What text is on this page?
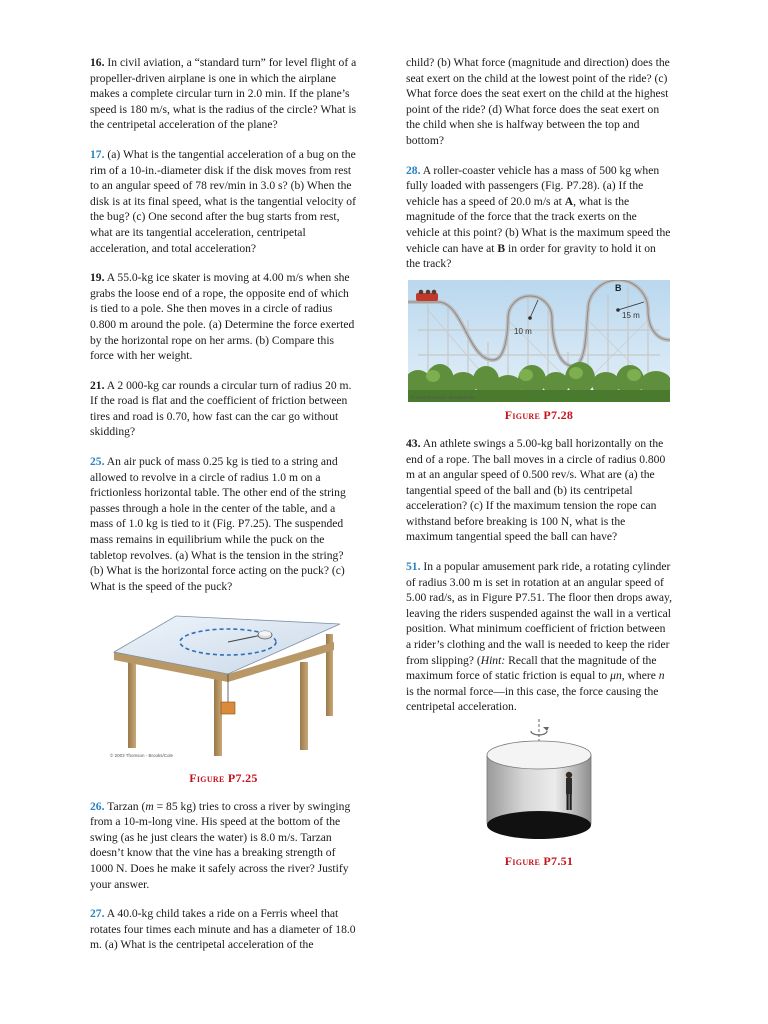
16. In civil aviation, a “standard turn” for level flight of a propeller-driven airplane is one in which the airplane makes a complete circular turn in 2.0 min. If the plane’s speed is 180 m/s, what is the radius of the circle? What is the centripetal acceleration of the plane?

17. (a) What is the tangential acceleration of a bug on the rim of a 10-in.-diameter disk if the disk moves from rest to an angular speed of 78 rev/min in 3.0 s? (b) When the disk is at its final speed, what is the tangential velocity of the bug? (c) One second after the bug starts from rest, what are its tangential acceleration, centripetal acceleration, and total acceleration?

19. A 55.0-kg ice skater is moving at 4.00 m/s when she grabs the loose end of a rope, the opposite end of which is tied to a pole. She then moves in a circle of radius 0.800 m around the pole. (a) Determine the force exerted by the horizontal rope on her arms. (b) Compare this force with her weight.

21. A 2 000-kg car rounds a circular turn of radius 20 m. If the road is flat and the coefficient of friction between tires and road is 0.70, how fast can the car go without skidding?

25. An air puck of mass 0.25 kg is tied to a string and allowed to revolve in a circle of radius 1.0 m on a frictionless horizontal table. The other end of the string passes through a hole in the center of the table, and a mass of 1.0 kg is tied to it (Fig. P7.25). The suspended mass remains in equilibrium while the puck on the tabletop revolves. (a) What is the tension in the string? (b) What is the horizontal force acting on the puck? (c) What is the speed of the puck?

© 2003 Thomson - Brooks/Cole
Figure P7.25

26. Tarzan (m = 85 kg) tries to cross a river by swinging from a 10-m-long vine. His speed at the bottom of the swing (as he just clears the water) is 8.0 m/s. Tarzan doesn’t know that the vine has a breaking strength of 1000 N. Does he make it safely across the river? Justify your answer.

27. A 40.0-kg child takes a ride on a Ferris wheel that rotates four times each minute and has a diameter of 18.0 m. (a) What is the centripetal acceleration of the

child? (b) What force (magnitude and direction) does the seat exert on the child at the lowest point of the ride? (c) What force does the seat exert on the child at the highest point of the ride? (d) What force does the seat exert on the child when she is halfway between the top and bottom?

28. A roller-coaster vehicle has a mass of 500 kg when fully loaded with passengers (Fig. P7.28). (a) If the vehicle has a speed of 20.0 m/s at A, what is the magnitude of the force that the track exerts on the vehicle at this point? (b) What is the maximum speed the vehicle can have at B in order for gravity to hold it on the track?

10 m
15 m
B
© 2003 Thomson - Brooks/Cole
Figure P7.28

43. An athlete swings a 5.00-kg ball horizontally on the end of a rope. The ball moves in a circle of radius 0.800 m at an angular speed of 0.500 rev/s. What are (a) the tangential speed of the ball and (b) its centripetal acceleration? (c) If the maximum tension the rope can withstand before breaking is 100 N, what is the maximum tangential speed the ball can have?

51. In a popular amusement park ride, a rotating cylinder of radius 3.00 m is set in rotation at an angular speed of 5.00 rad/s, as in Figure P7.51. The floor then drops away, leaving the riders suspended against the wall in a vertical position. What minimum coefficient of friction between a rider’s clothing and the wall is needed to keep the rider from slipping? (Hint: Recall that the magnitude of the maximum force of static friction is equal to μn, where n is the normal force—in this case, the force causing the centripetal acceleration.

Figure P7.51
